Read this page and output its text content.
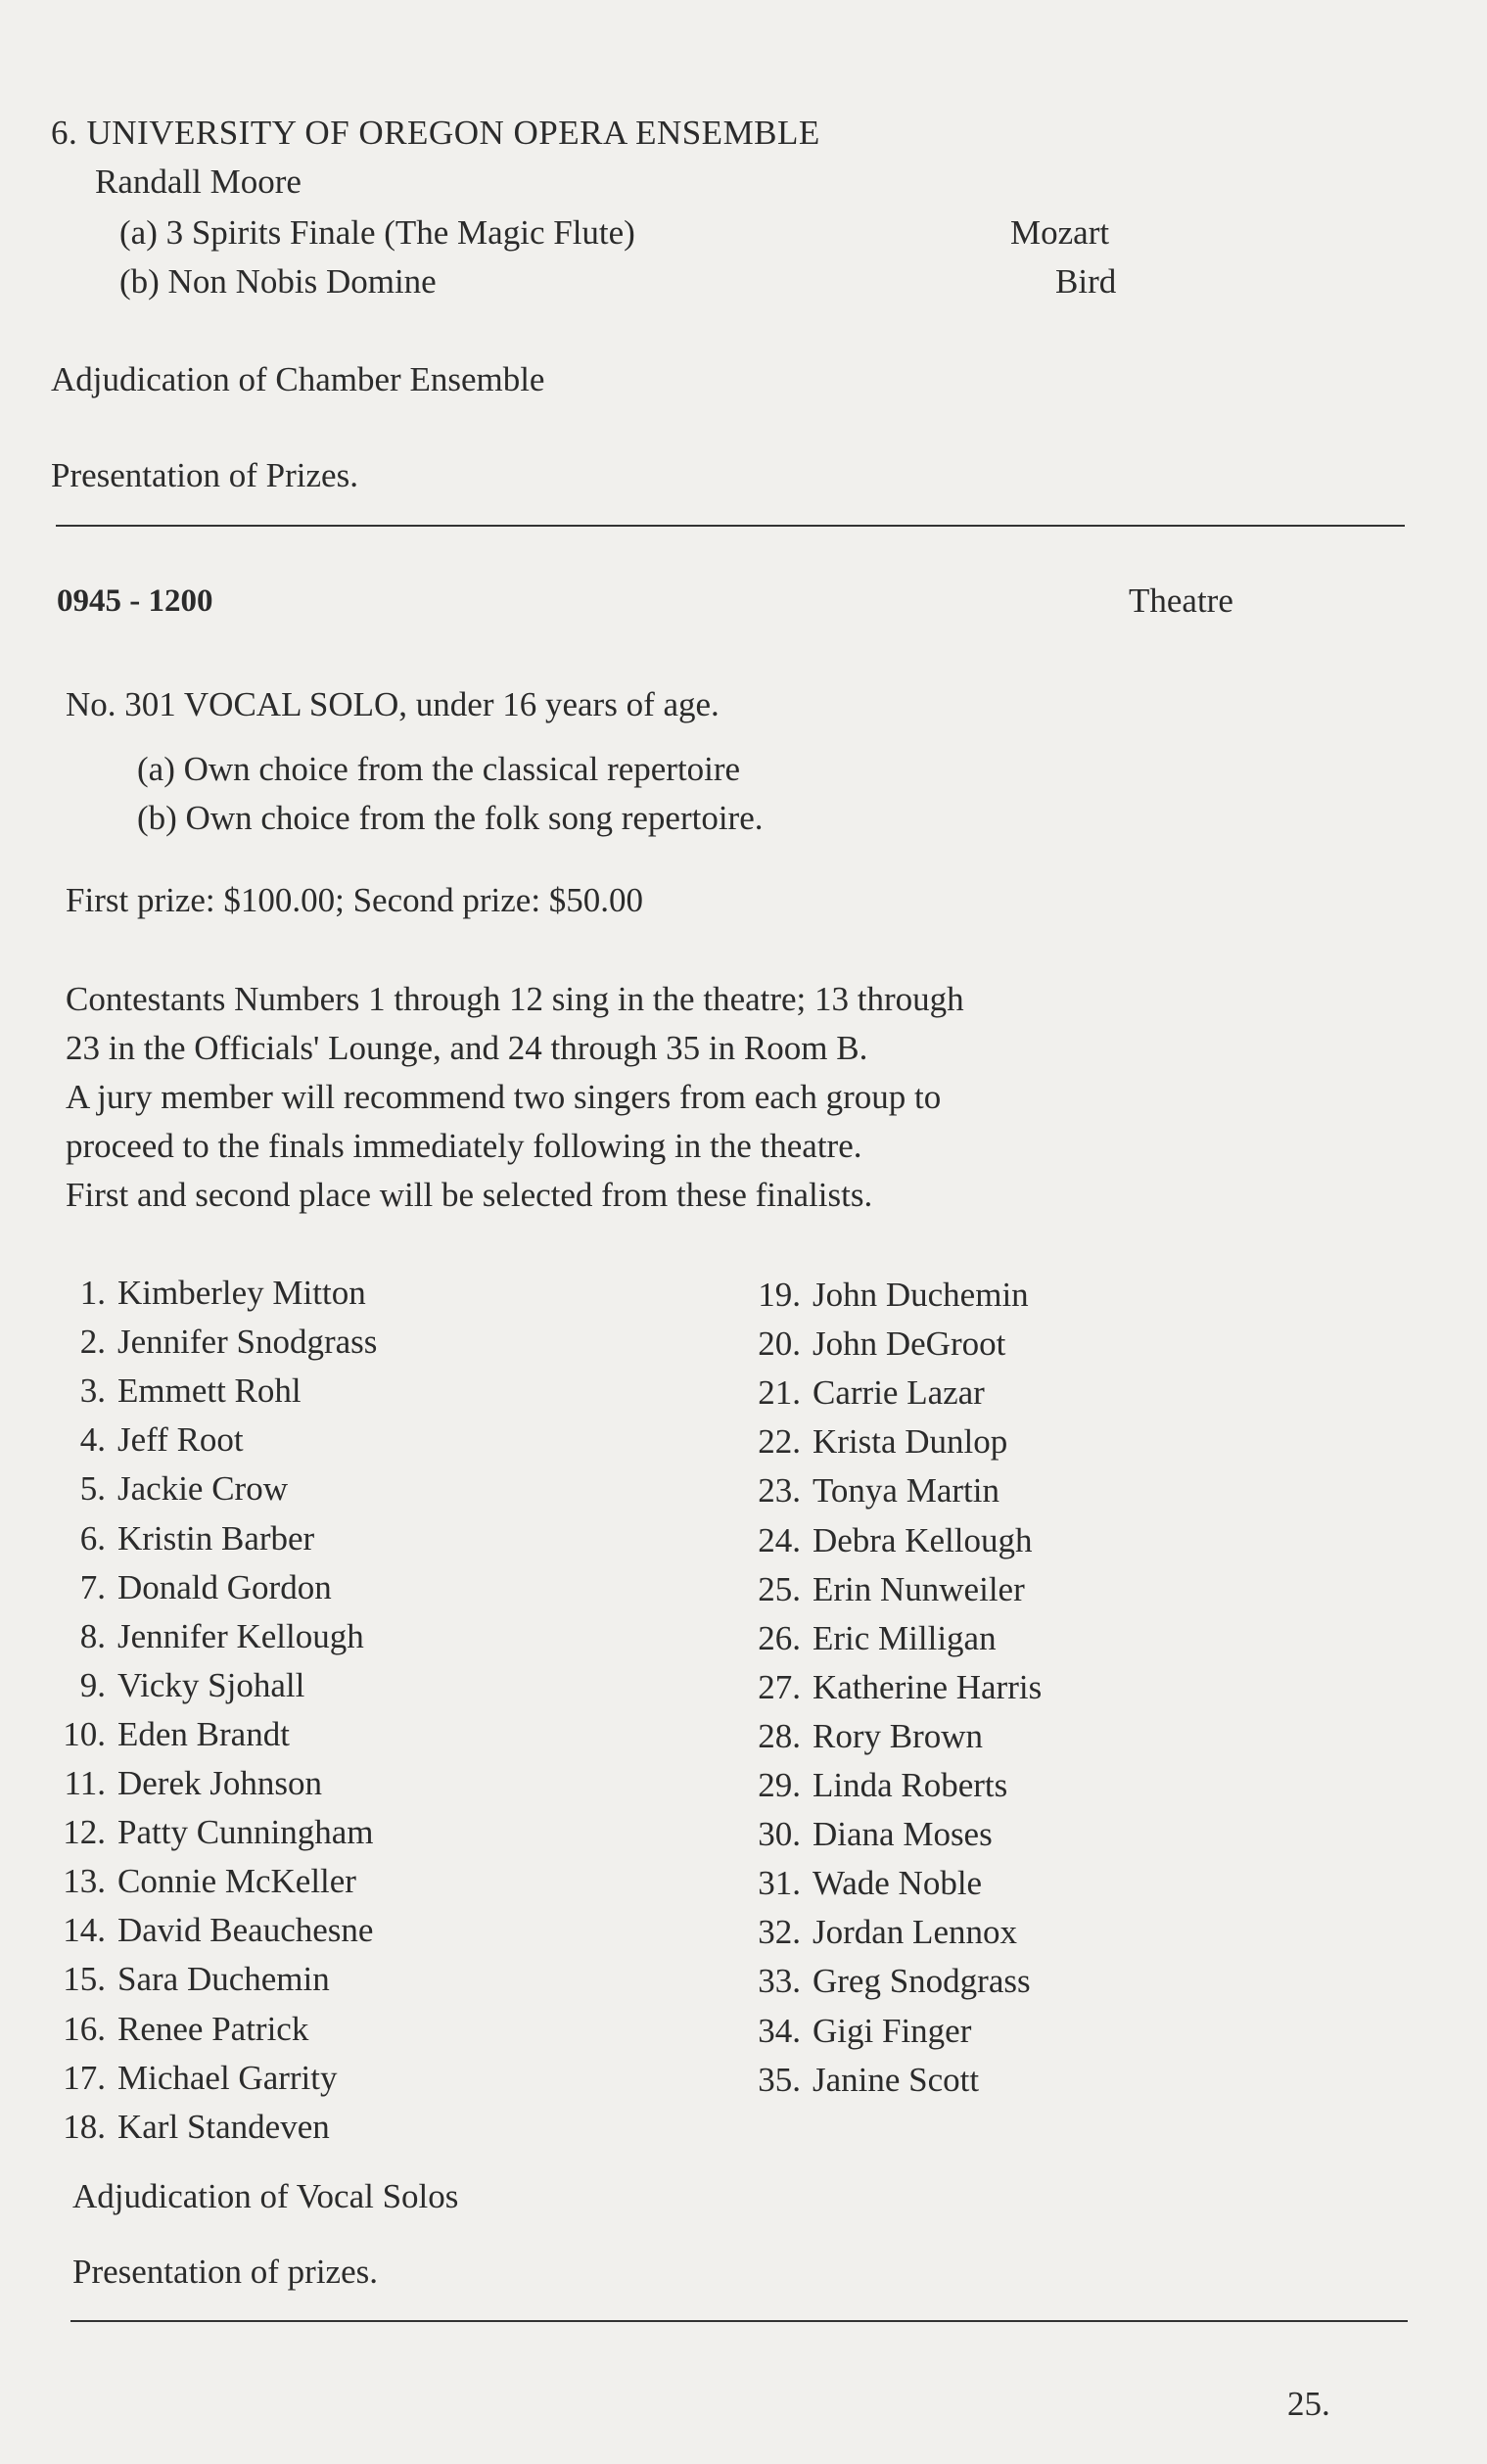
6. UNIVERSITY OF OREGON OPERA ENSEMBLE
Randall Moore
(a) 3 Spirits Finale (The Magic Flute)	Mozart
(b) Non Nobis Domine	Bird
Adjudication of Chamber Ensemble
Presentation of Prizes.
0945 - 1200	Theatre
No. 301 VOCAL SOLO, under 16 years of age.
(a) Own choice from the classical repertoire
(b) Own choice from the folk song repertoire.
First prize: $100.00; Second prize: $50.00
Contestants Numbers 1 through 12 sing in the theatre; 13 through
23 in the Officials' Lounge, and 24 through 35 in Room B.
A jury member will recommend two singers from each group to
proceed to the finals immediately following in the theatre.
First and second place will be selected from these finalists.
1. Kimberley Mitton
2. Jennifer Snodgrass
3. Emmett Rohl
4. Jeff Root
5. Jackie Crow
6. Kristin Barber
7. Donald Gordon
8. Jennifer Kellough
9. Vicky Sjohall
10. Eden Brandt
11. Derek Johnson
12. Patty Cunningham
13. Connie McKeller
14. David Beauchesne
15. Sara Duchemin
16. Renee Patrick
17. Michael Garrity
18. Karl Standeven
19. John Duchemin
20. John DeGroot
21. Carrie Lazar
22. Krista Dunlop
23. Tonya Martin
24. Debra Kellough
25. Erin Nunweiler
26. Eric Milligan
27. Katherine Harris
28. Rory Brown
29. Linda Roberts
30. Diana Moses
31. Wade Noble
32. Jordan Lennox
33. Greg Snodgrass
34. Gigi Finger
35. Janine Scott
Adjudication of Vocal Solos
Presentation of prizes.
25.
